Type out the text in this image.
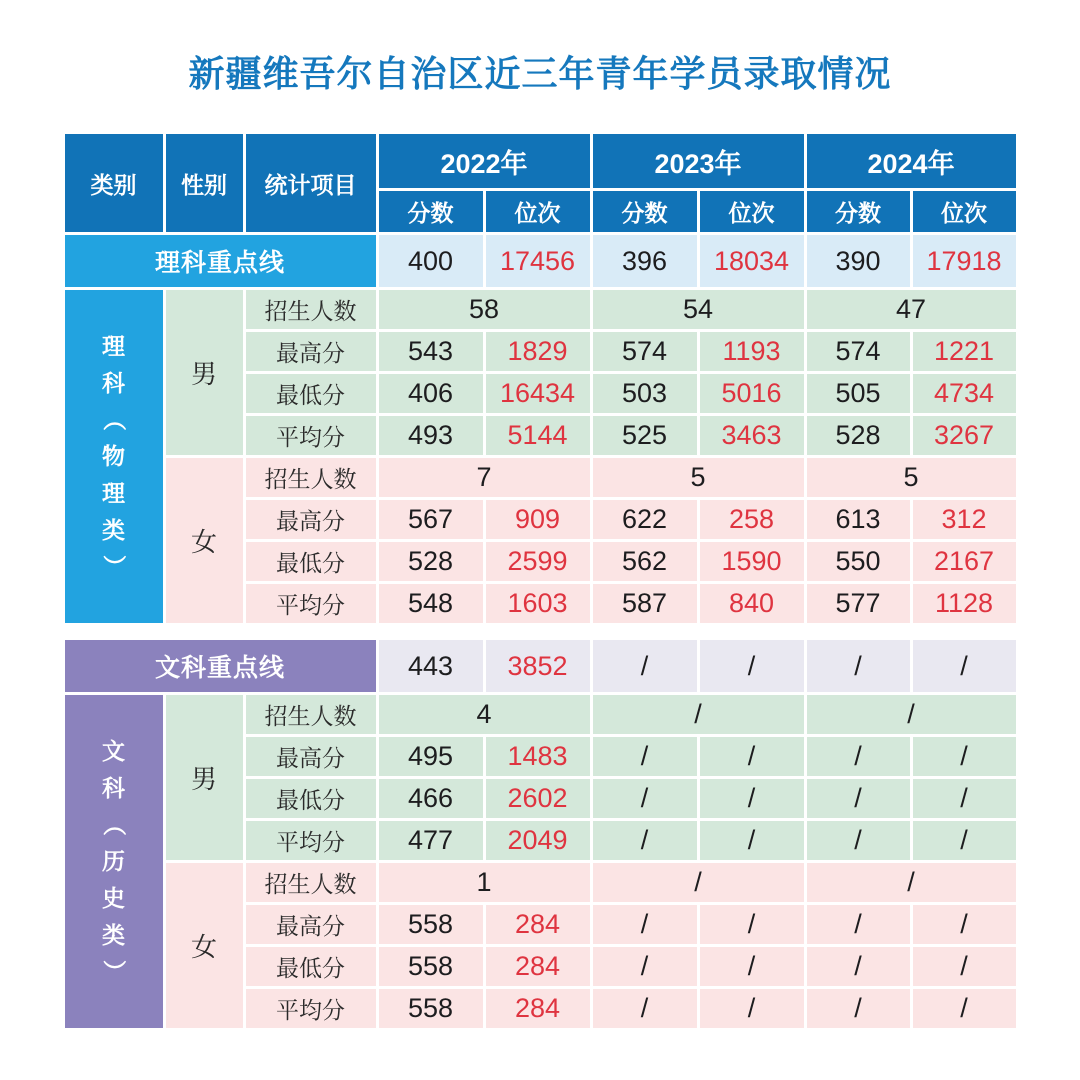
新疆维吾尔自治区近三年青年学员录取情况
类别	性别	统计项目	2022年		2023年		2024年	
			分数	位次	分数	位次	分数	位次
理科重点线			400	17456	396	18034	390	17918

理
科
（
物
理
类
）
	男	招生人数	58	54	47
		最高分	543	1829	574	1193	574	1221
		最低分	406	16434	503	5016	505	4734
		平均分	493	5144	525	3463	528	3267
	女	招生人数	7		5		5	
		最高分	567	909	622	258	613	312
		最低分	528	2599	562	1590	550	2167
		平均分	548	1603	587	840	577	1128
文科重点线			443	3852	/	/	/	/

文
科
（
历
史
类
）
	男	招生人数	4	/	/
		最高分	495	1483	/	/	/	/
		最低分	466	2602	/	/	/	/
		平均分	477	2049	/	/	/	/
	女	招生人数	1		/		/	
		最高分	558	284	/	/	/	/
		最低分	558	284	/	/	/	/
		平均分	558	284	/	/	/	/
